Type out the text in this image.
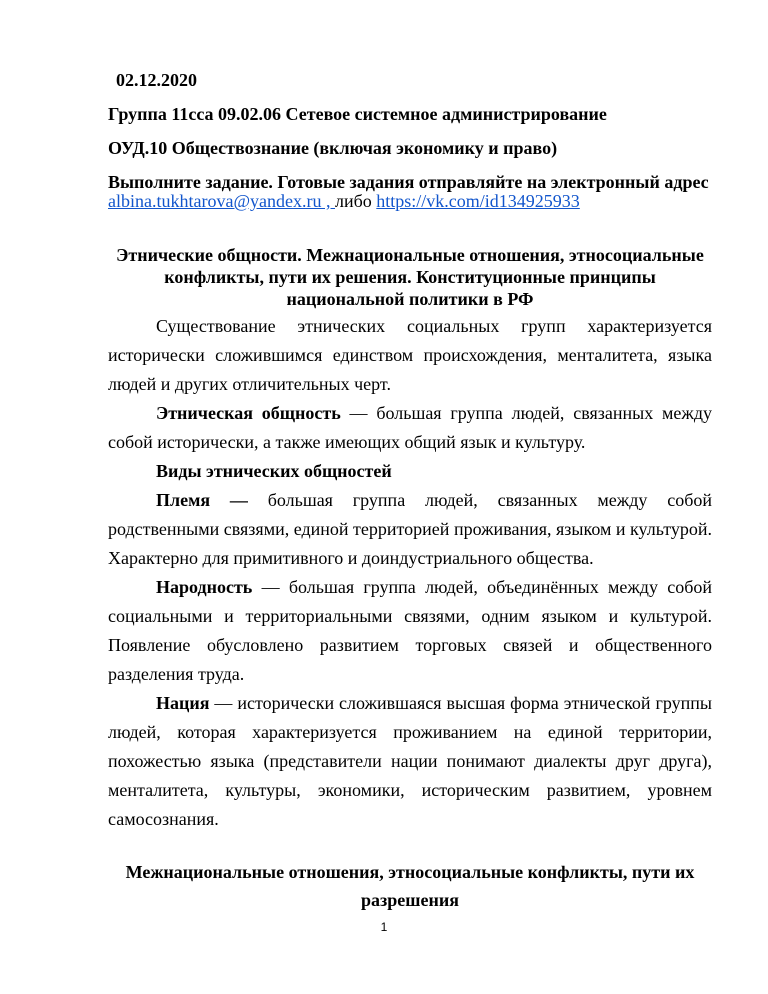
02.12.2020
Группа 11сса 09.02.06 Сетевое системное администрирование
ОУД.10 Обществознание (включая экономику и право)
Выполните задание. Готовые задания отправляйте на электронный адрес
albina.tukhtarova@yandex.ru , либо https://vk.com/id134925933
Этнические общности. Межнациональные отношения, этносоциальные
конфликты, пути их решения. Конституционные принципы
национальной политики в РФ

Существование этнических социальных групп характеризуется исторически сложившимся единством происхождения, менталитета, языка людей и других отличительных черт.

Этническая общность — большая группа людей, связанных между собой исторически, а также имеющих общий язык и культуру.

Виды этнических общностей

Племя — большая группа людей, связанных между собой родственными связями, единой территорией проживания, языком и культурой. Характерно для примитивного и доиндустриального общества.

Народность — большая группа людей, объединённых между собой социальными и территориальными связями, одним языком и культурой. Появление обусловлено развитием торговых связей и общественного разделения труда.

Нация — исторически сложившаяся высшая форма этнической группы людей, которая характеризуется проживанием на единой территории, похожестью языка (представители нации понимают диалекты друг друга), менталитета, культуры, экономики, историческим развитием, уровнем самосознания.

Межнациональные отношения, этносоциальные конфликты, пути их
разрешения
1
